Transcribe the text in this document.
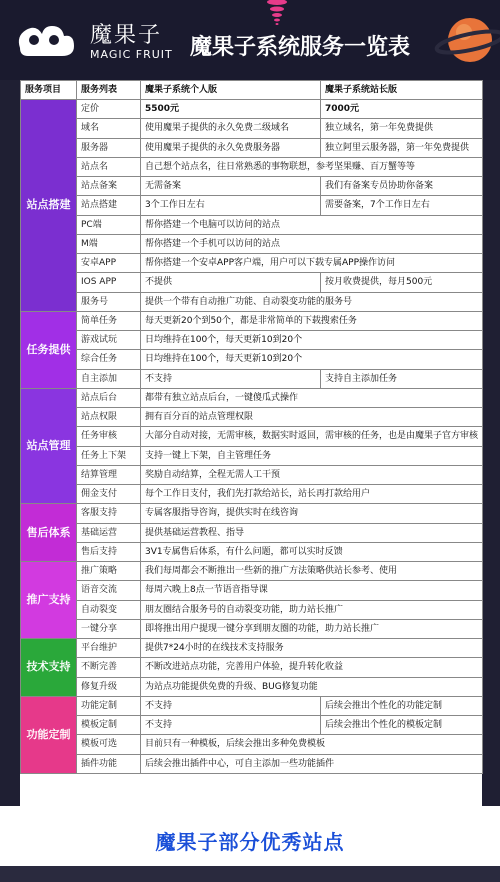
魔果子
MAGIC FRUIT 魔果子系统服务一览表
服务项目	服务列表	魔果子系统个人版	魔果子系统站长版
站点搭建	定价	5500元	7000元
	域名	使用魔果子提供的永久免费二级域名	独立域名，第一年免费提供
	服务器	使用魔果子提供的永久免费服务器	独立阿里云服务器，第一年免费提供
	站点名	自己想个站点名，往日常熟悉的事物联想，参考坚果赚、百万蟹等等	
	站点备案	无需备案	我们有备案专员协助你备案
	站点搭建	3个工作日左右	需要备案，7个工作日左右
	PC端	帮你搭建一个电脑可以访问的站点	
	M端	帮你搭建一个手机可以访问的站点	
	安卓APP	帮你搭建一个安卓APP客户端，用户可以下载专属APP操作访问	
	IOS APP	不提供	按月收费提供，每月500元
	服务号	提供一个带有自动推广功能、自动裂变功能的服务号	
任务提供	简单任务	每天更新20个到50个，都是非常简单的下载搜索任务	
	游戏试玩	日均维持在100个，每天更新10到20个	
	综合任务	日均维持在100个，每天更新10到20个	
	自主添加	不支持	支持自主添加任务
站点管理	站点后台	都带有独立站点后台，一键傻瓜式操作	
	站点权限	拥有百分百的站点管理权限	
	任务审核	大部分自动对接，无需审核，数据实时返回，需审核的任务，也是由魔果子官方审核	
	任务上下架	支持一键上下架，自主管理任务	
	结算管理	奖励自动结算，全程无需人工干预	
	佣金支付	每个工作日支付，我们先打款给站长，站长再打款给用户	
售后体系	客服支持	专属客服指导咨询，提供实时在线咨询	
	基础运营	提供基础运营教程、指导	
	售后支持	3V1专属售后体系，有什么问题，都可以实时反馈	
推广支持	推广策略	我们每周都会不断推出一些新的推广方法策略供站长参考、使用	
	语音交流	每周六晚上8点一节语音指导课	
	自动裂变	朋友圈结合服务号的自动裂变功能，助力站长推广	
	一键分享	即将推出用户提现一键分享到朋友圈的功能，助力站长推广	
技术支持	平台维护	提供7*24小时的在线技术支持服务	
	不断完善	不断改进站点功能，完善用户体验，提升转化收益	
	修复升级	为站点功能提供免费的升级、BUG修复功能	
功能定制	功能定制	不支持	后续会推出个性化的功能定制
	模板定制	不支持	后续会推出个性化的模板定制
	模板可选	目前只有一种模板，后续会推出多种免费模板	
	插件功能	后续会推出插件中心，可自主添加一些功能插件	
魔果子部分优秀站点
